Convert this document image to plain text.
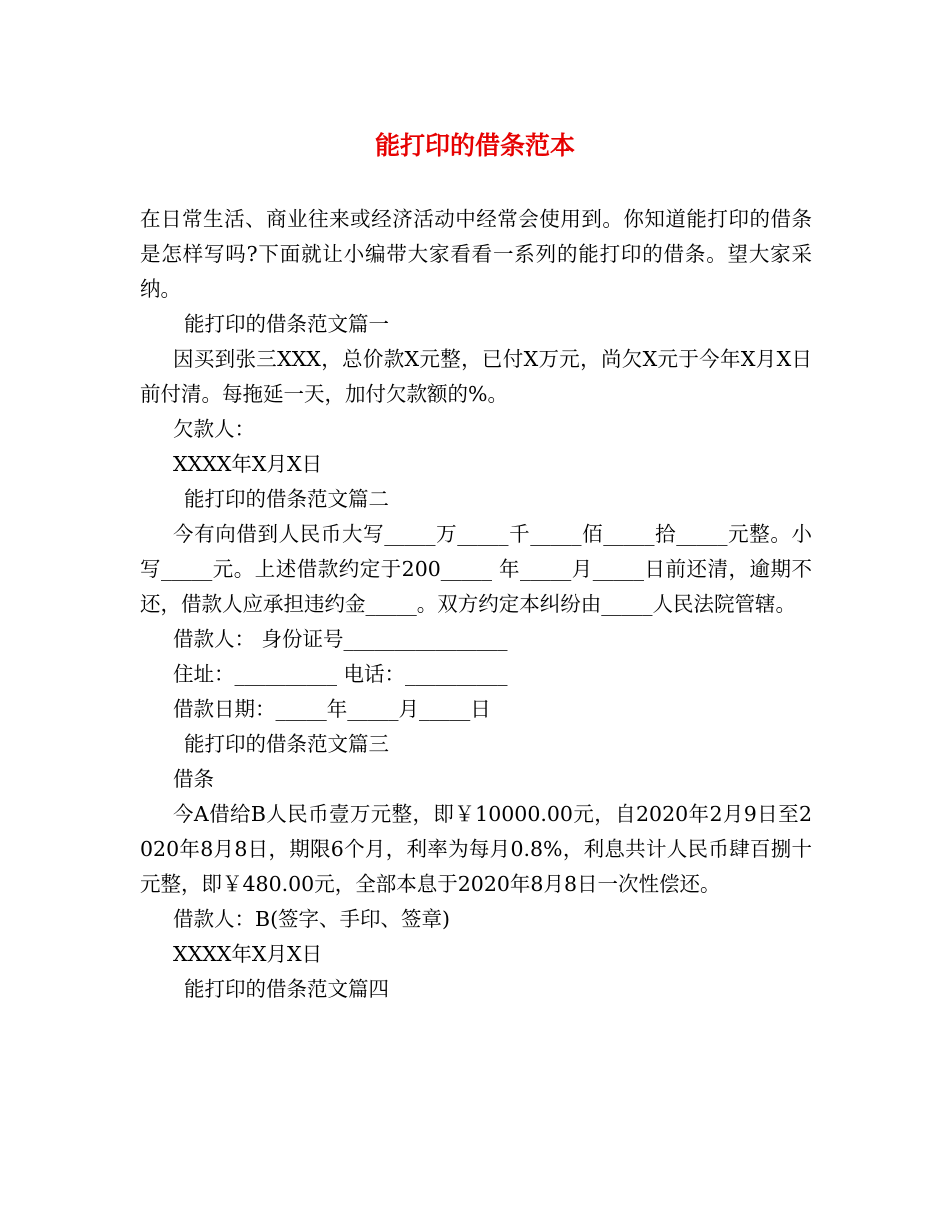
能打印的借条范本

在日常生活、商业往来或经济活动中经常会使用到。你知道能打印的借条是怎样写吗?下面就让小编带大家看看一系列的能打印的借条。望大家采纳。

能打印的借条范文篇一

因买到张三XXX，总价款X元整，已付X万元，尚欠X元于今年X月X日前付清。每拖延一天，加付欠款额的%。

欠款人：

XXXX年X月X日

能打印的借条范文篇二

今有向借到人民币大写_____万_____千_____佰_____拾_____元整。小写_____元。上述借款约定于200_____ 年_____月_____日前还清，逾期不还，借款人应承担违约金_____。双方约定本纠纷由_____人民法院管辖。

借款人： 身份证号________________

住址：__________ 电话：__________

借款日期：_____年_____月_____日

能打印的借条范文篇三

借条

今A借给B人民币壹万元整，即￥10000.00元，自2020年2月9日至2020年8月8日，期限6个月，利率为每月0.8%，利息共计人民币肆百捌十元整，即￥480.00元，全部本息于2020年8月8日一次性偿还。

借款人：B(签字、手印、签章)

XXXX年X月X日

能打印的借条范文篇四
